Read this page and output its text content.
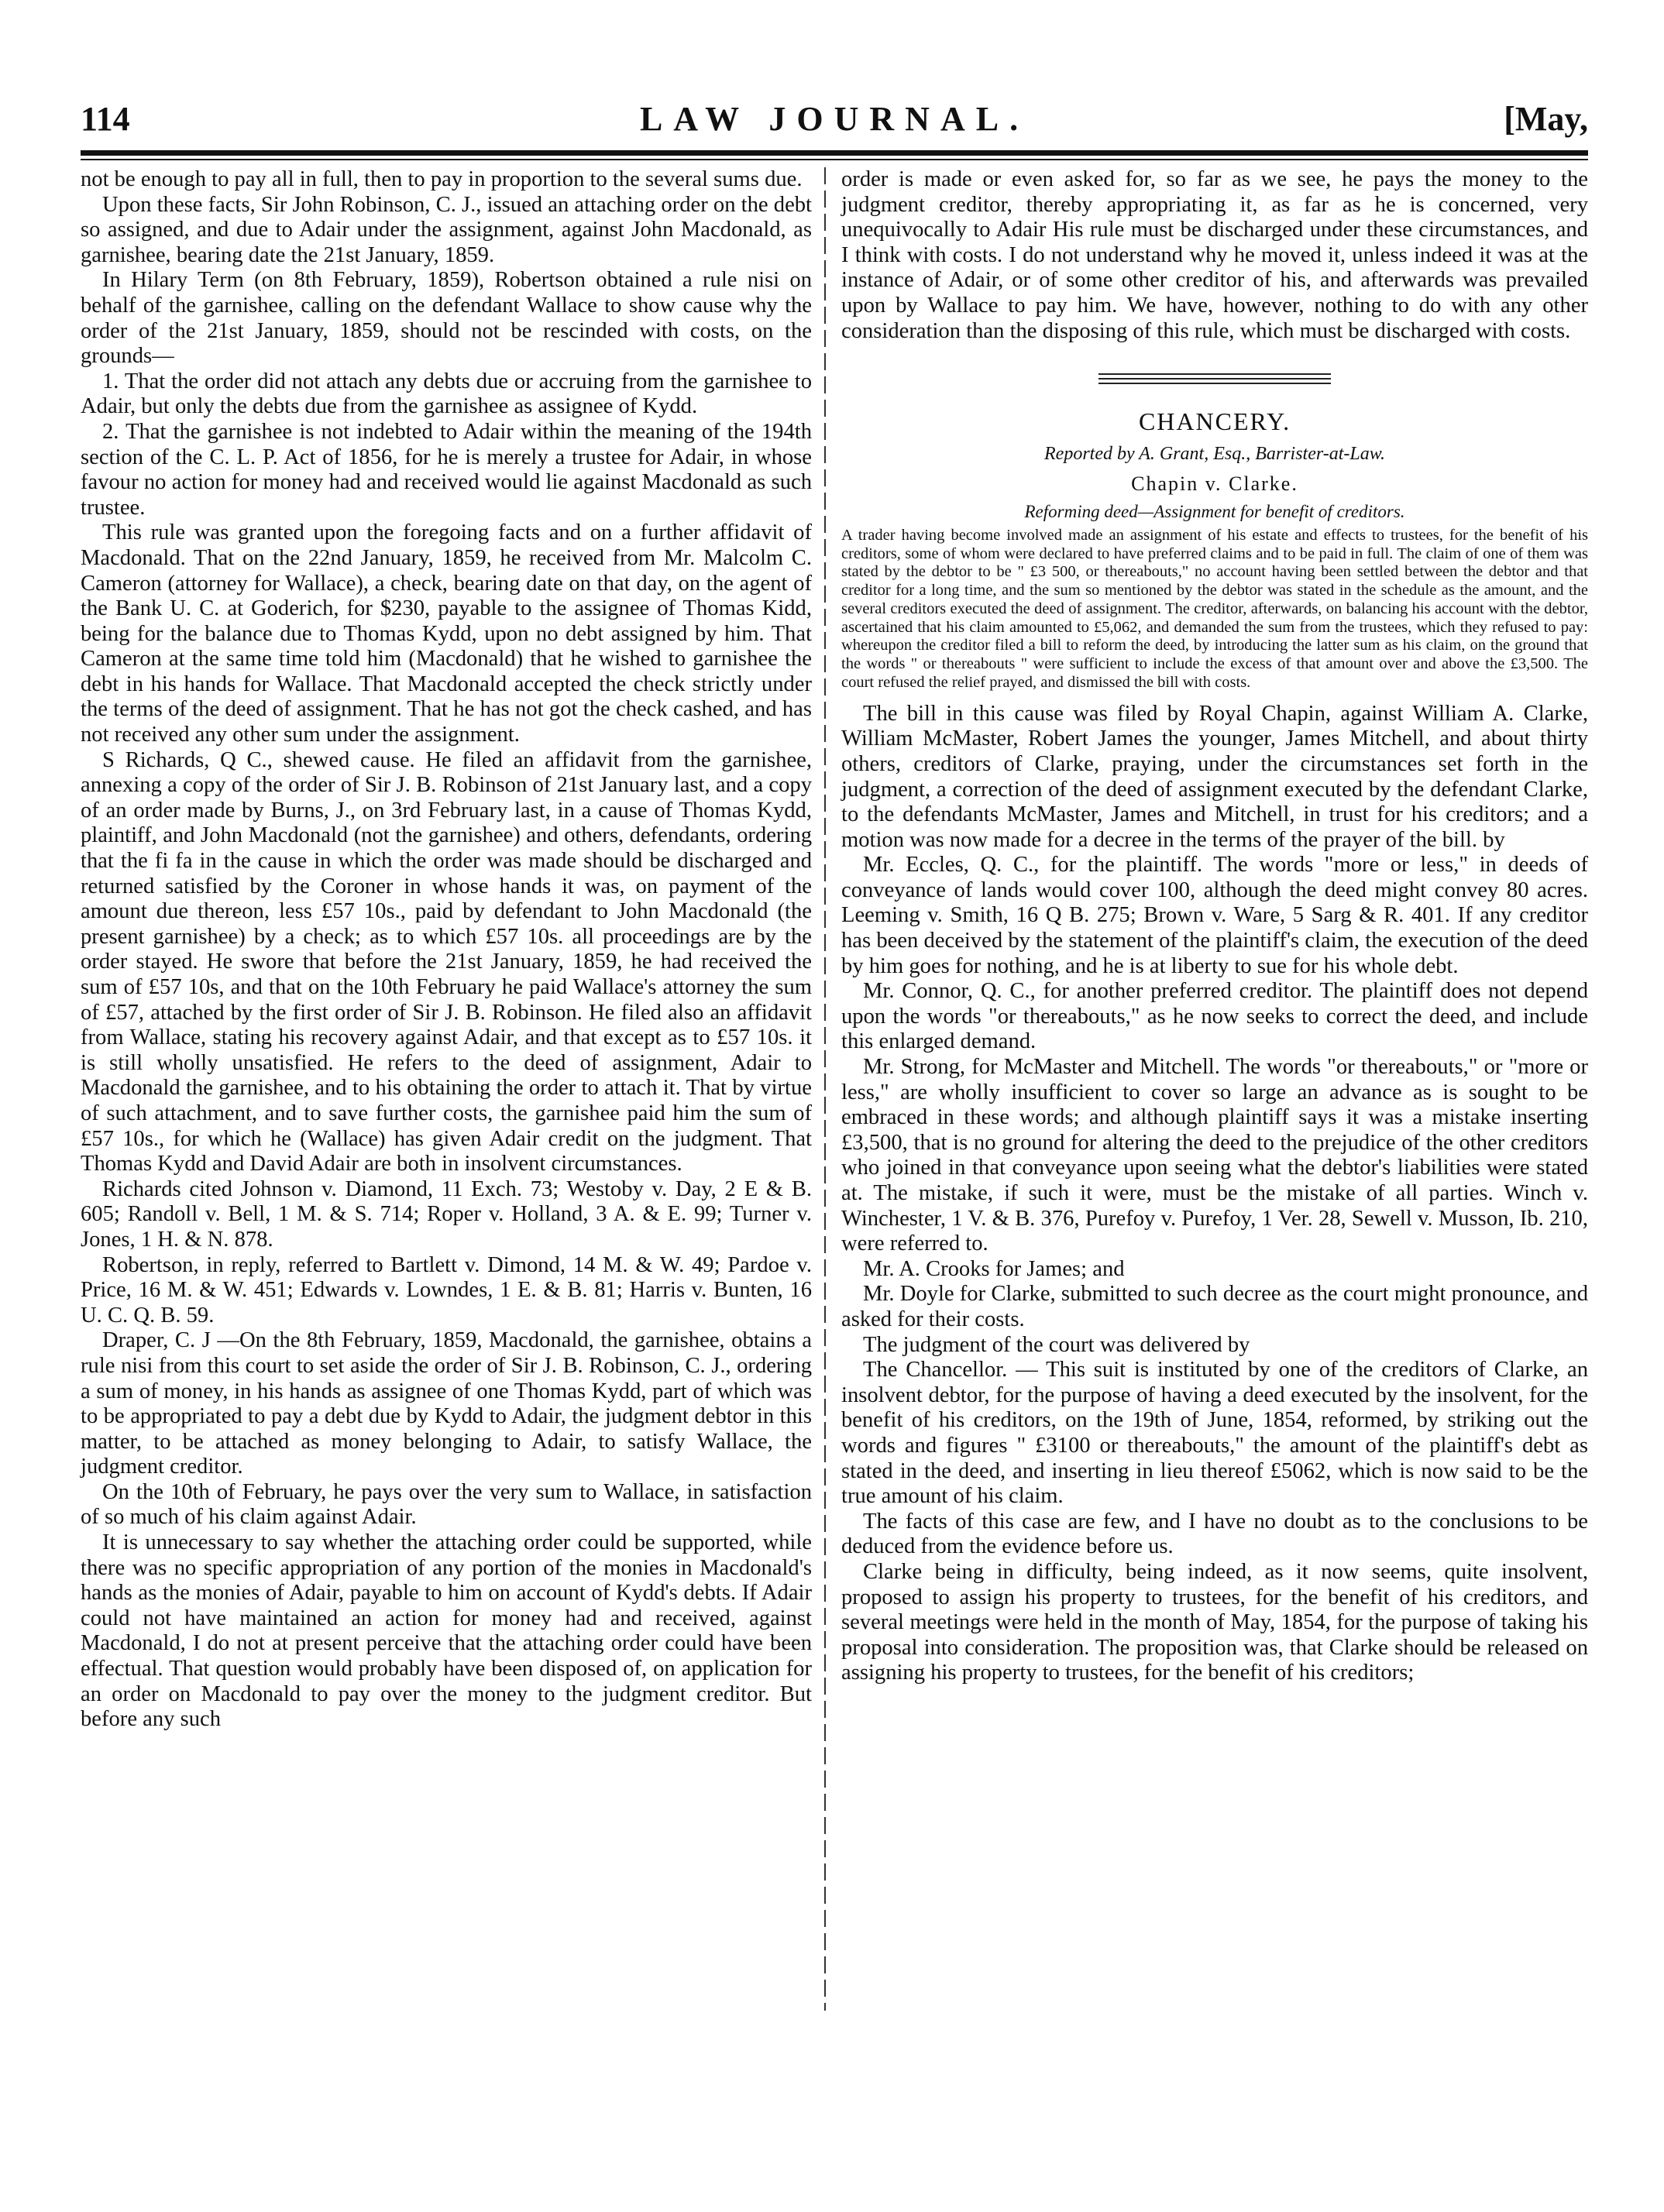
114	LAW JOURNAL.	[May,

not be enough to pay all in full, then to pay in proportion to the several sums due.

Upon these facts, Sir John Robinson, C. J., issued an attaching order on the debt so assigned, and due to Adair under the assignment, against John Macdonald, as garnishee, bearing date the 21st January, 1859.

In Hilary Term (on 8th February, 1859), Robertson obtained a rule nisi on behalf of the garnishee, calling on the defendant Wallace to show cause why the order of the 21st January, 1859, should not be rescinded with costs, on the grounds—

1. That the order did not attach any debts due or accruing from the garnishee to Adair, but only the debts due from the garnishee as assignee of Kydd.

2. That the garnishee is not indebted to Adair within the meaning of the 194th section of the C. L. P. Act of 1856, for he is merely a trustee for Adair, in whose favour no action for money had and received would lie against Macdonald as such trustee.

This rule was granted upon the foregoing facts and on a further affidavit of Macdonald. That on the 22nd January, 1859, he received from Mr. Malcolm C. Cameron (attorney for Wallace), a check, bearing date on that day, on the agent of the Bank U. C. at Goderich, for $230, payable to the assignee of Thomas Kidd, being for the balance due to Thomas Kydd, upon no debt assigned by him. That Cameron at the same time told him (Macdonald) that he wished to garnishee the debt in his hands for Wallace. That Macdonald accepted the check strictly under the terms of the deed of assignment. That he has not got the check cashed, and has not received any other sum under the assignment.

S Richards, Q C., shewed cause. He filed an affidavit from the garnishee, annexing a copy of the order of Sir J. B. Robinson of 21st January last, and a copy of an order made by Burns, J., on 3rd February last, in a cause of Thomas Kydd, plaintiff, and John Macdonald (not the garnishee) and others, defendants, ordering that the fi fa in the cause in which the order was made should be discharged and returned satisfied by the Coroner in whose hands it was, on payment of the amount due thereon, less £57 10s., paid by defendant to John Macdonald (the present garnishee) by a check; as to which £57 10s. all proceedings are by the order stayed. He swore that before the 21st January, 1859, he had received the sum of £57 10s, and that on the 10th February he paid Wallace's attorney the sum of £57, attached by the first order of Sir J. B. Robinson. He filed also an affidavit from Wallace, stating his recovery against Adair, and that except as to £57 10s. it is still wholly unsatisfied. He refers to the deed of assignment, Adair to Macdonald the garnishee, and to his obtaining the order to attach it. That by virtue of such attachment, and to save further costs, the garnishee paid him the sum of £57 10s., for which he (Wallace) has given Adair credit on the judgment. That Thomas Kydd and David Adair are both in insolvent circumstances.

Richards cited Johnson v. Diamond, 11 Exch. 73; Westoby v. Day, 2 E & B. 605; Randoll v. Bell, 1 M. & S. 714; Roper v. Holland, 3 A. & E. 99; Turner v. Jones, 1 H. & N. 878.

Robertson, in reply, referred to Bartlett v. Dimond, 14 M. & W. 49; Pardoe v. Price, 16 M. & W. 451; Edwards v. Lowndes, 1 E. & B. 81; Harris v. Bunten, 16 U. C. Q. B. 59.

Draper, C. J —On the 8th February, 1859, Macdonald, the garnishee, obtains a rule nisi from this court to set aside the order of Sir J. B. Robinson, C. J., ordering a sum of money, in his hands as assignee of one Thomas Kydd, part of which was to be appropriated to pay a debt due by Kydd to Adair, the judgment debtor in this matter, to be attached as money belonging to Adair, to satisfy Wallace, the judgment creditor.

On the 10th of February, he pays over the very sum to Wallace, in satisfaction of so much of his claim against Adair.

It is unnecessary to say whether the attaching order could be supported, while there was no specific appropriation of any portion of the monies in Macdonald's hands as the monies of Adair, payable to him on account of Kydd's debts. If Adair could not have maintained an action for money had and received, against Macdonald, I do not at present perceive that the attaching order could have been effectual. That question would probably have been disposed of, on application for an order on Macdonald to pay over the money to the judgment creditor. But before any such

order is made or even asked for, so far as we see, he pays the money to the judgment creditor, thereby appropriating it, as far as he is concerned, very unequivocally to Adair His rule must be discharged under these circumstances, and I think with costs. I do not understand why he moved it, unless indeed it was at the instance of Adair, or of some other creditor of his, and afterwards was prevailed upon by Wallace to pay him. We have, however, nothing to do with any other consideration than the disposing of this rule, which must be discharged with costs.

CHANCERY.
Reported by A. Grant, Esq., Barrister-at-Law.
Chapin v. Clarke.
Reforming deed—Assignment for benefit of creditors.

A trader having become involved made an assignment of his estate and effects to trustees, for the benefit of his creditors, some of whom were declared to have preferred claims and to be paid in full. The claim of one of them was stated by the debtor to be " £3 500, or thereabouts," no account having been settled between the debtor and that creditor for a long time, and the sum so mentioned by the debtor was stated in the schedule as the amount, and the several creditors executed the deed of assignment. The creditor, afterwards, on balancing his account with the debtor, ascertained that his claim amounted to £5,062, and demanded the sum from the trustees, which they refused to pay: whereupon the creditor filed a bill to reform the deed, by introducing the latter sum as his claim, on the ground that the words " or thereabouts " were sufficient to include the excess of that amount over and above the £3,500. The court refused the relief prayed, and dismissed the bill with costs.

The bill in this cause was filed by Royal Chapin, against William A. Clarke, William McMaster, Robert James the younger, James Mitchell, and about thirty others, creditors of Clarke, praying, under the circumstances set forth in the judgment, a correction of the deed of assignment executed by the defendant Clarke, to the defendants McMaster, James and Mitchell, in trust for his creditors; and a motion was now made for a decree in the terms of the prayer of the bill. by

Mr. Eccles, Q. C., for the plaintiff. The words "more or less," in deeds of conveyance of lands would cover 100, although the deed might convey 80 acres. Leeming v. Smith, 16 Q B. 275; Brown v. Ware, 5 Sarg & R. 401. If any creditor has been deceived by the statement of the plaintiff's claim, the execution of the deed by him goes for nothing, and he is at liberty to sue for his whole debt.

Mr. Connor, Q. C., for another preferred creditor. The plaintiff does not depend upon the words "or thereabouts," as he now seeks to correct the deed, and include this enlarged demand.

Mr. Strong, for McMaster and Mitchell. The words "or thereabouts," or "more or less," are wholly insufficient to cover so large an advance as is sought to be embraced in these words; and although plaintiff says it was a mistake inserting £3,500, that is no ground for altering the deed to the prejudice of the other creditors who joined in that conveyance upon seeing what the debtor's liabilities were stated at. The mistake, if such it were, must be the mistake of all parties. Winch v. Winchester, 1 V. & B. 376, Purefoy v. Purefoy, 1 Ver. 28, Sewell v. Musson, Ib. 210, were referred to.

Mr. A. Crooks for James; and

Mr. Doyle for Clarke, submitted to such decree as the court might pronounce, and asked for their costs.

The judgment of the court was delivered by

The Chancellor. — This suit is instituted by one of the creditors of Clarke, an insolvent debtor, for the purpose of having a deed executed by the insolvent, for the benefit of his creditors, on the 19th of June, 1854, reformed, by striking out the words and figures " £3100 or thereabouts," the amount of the plaintiff's debt as stated in the deed, and inserting in lieu thereof £5062, which is now said to be the true amount of his claim.

The facts of this case are few, and I have no doubt as to the conclusions to be deduced from the evidence before us.

Clarke being in difficulty, being indeed, as it now seems, quite insolvent, proposed to assign his property to trustees, for the benefit of his creditors, and several meetings were held in the month of May, 1854, for the purpose of taking his proposal into consideration. The proposition was, that Clarke should be released on assigning his property to trustees, for the benefit of his creditors;
